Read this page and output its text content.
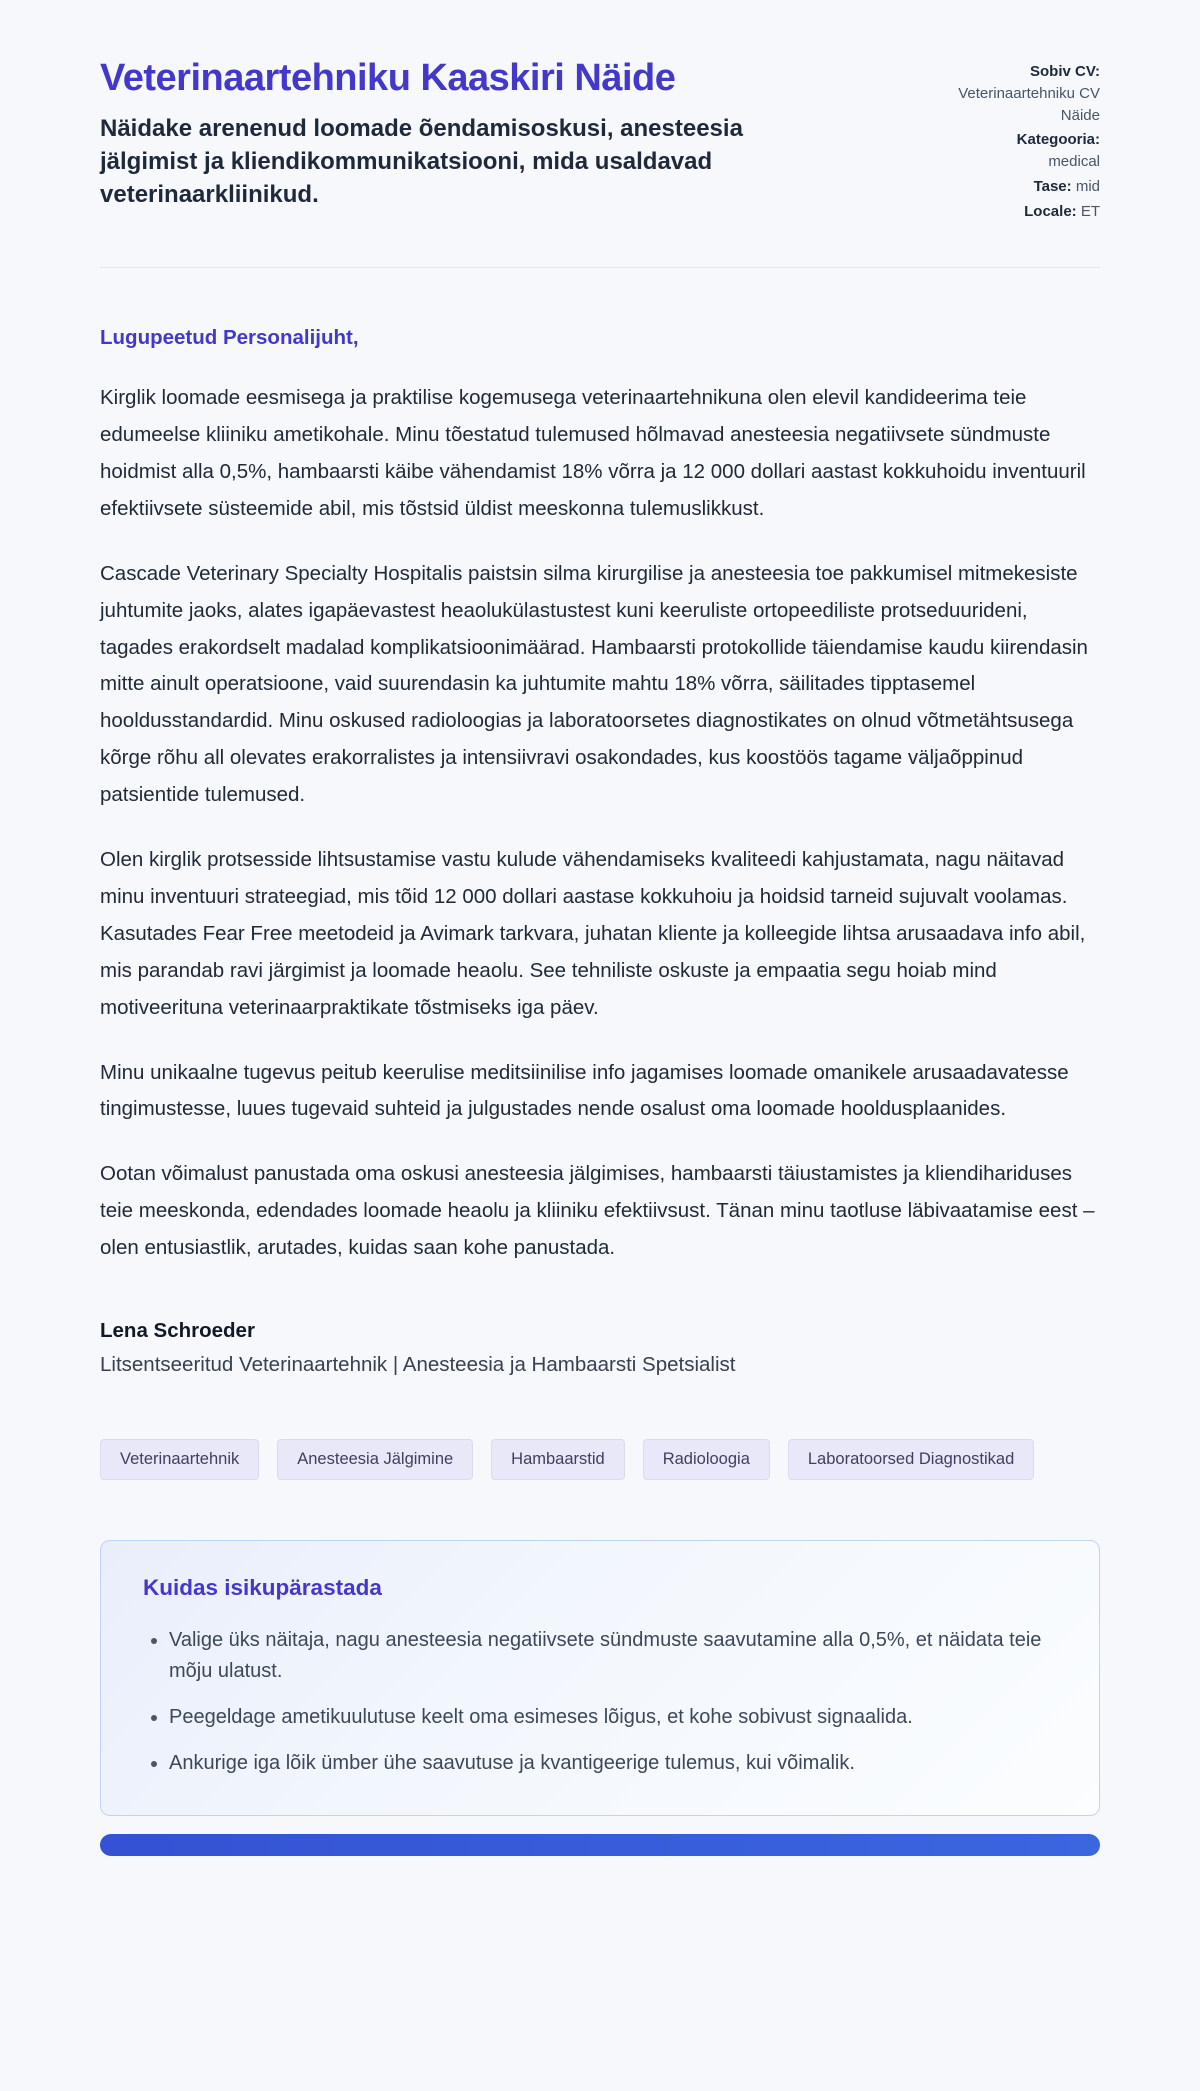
Veterinaartehniku Kaaskiri Näide

Näidake arenenud loomade õendamisoskusi, anesteesia jälgimist ja kliendikommunikatsiooni, mida usaldavad veterinaarkliinikud.

Sobiv CV:
Veterinaartehniku CV Näide
Kategooria:
medical
Tase: mid
Locale: ET

Lugupeetud Personalijuht,

Kirglik loomade eesmisega ja praktilise kogemusega veterinaartehnikuna olen elevil kandideerima teie edumeelse kliiniku ametikohale. Minu tõestatud tulemused hõlmavad anesteesia negatiivsete sündmuste hoidmist alla 0,5%, hambaarsti käibe vähendamist 18% võrra ja 12 000 dollari aastast kokkuhoidu inventuuril efektiivsete süsteemide abil, mis tõstsid üldist meeskonna tulemuslikkust.

Cascade Veterinary Specialty Hospitalis paistsin silma kirurgilise ja anesteesia toe pakkumisel mitmekesiste juhtumite jaoks, alates igapäevastest heaolukülastustest kuni keeruliste ortopeediliste protseduurideni, tagades erakordselt madalad komplikatsioonimäärad. Hambaarsti protokollide täiendamise kaudu kiirendasin mitte ainult operatsioone, vaid suurendasin ka juhtumite mahtu 18% võrra, säilitades tipptasemel hooldusstandardid. Minu oskused radioloogias ja laboratoorsetes diagnostikates on olnud võtmetähtsusega kõrge rõhu all olevates erakorralistes ja intensiivravi osakondades, kus koostöös tagame väljaõppinud patsientide tulemused.

Olen kirglik protsesside lihtsustamise vastu kulude vähendamiseks kvaliteedi kahjustamata, nagu näitavad minu inventuuri strateegiad, mis tõid 12 000 dollari aastase kokkuhoiu ja hoidsid tarneid sujuvalt voolamas. Kasutades Fear Free meetodeid ja Avimark tarkvara, juhatan kliente ja kolleegide lihtsa arusaadava info abil, mis parandab ravi järgimist ja loomade heaolu. See tehniliste oskuste ja empaatia segu hoiab mind motiveerituna veterinaarpraktikate tõstmiseks iga päev.

Minu unikaalne tugevus peitub keerulise meditsiinilise info jagamises loomade omanikele arusaadavatesse tingimustesse, luues tugevaid suhteid ja julgustades nende osalust oma loomade hooldusplaanides.

Ootan võimalust panustada oma oskusi anesteesia jälgimises, hambaarsti täiustamistes ja kliendihariduses teie meeskonda, edendades loomade heaolu ja kliiniku efektiivsust. Tänan minu taotluse läbivaatamise eest – olen entusiastlik, arutades, kuidas saan kohe panustada.

Lena Schroeder

Litsentseeritud Veterinaartehnik | Anesteesia ja Hambaarsti Spetsialist

Veterinaartehnik	Anesteesia Jälgimine	Hambaarstid	Radioloogia	Laboratoorsed Diagnostikad
Kuidas isikupärastada
• Valige üks näitaja, nagu anesteesia negatiivsete sündmuste saavutamine alla 0,5%, et näidata teie mõju ulatust.
• Peegeldage ametikuulutuse keelt oma esimeses lõigus, et kohe sobivust signaalida.
• Ankurige iga lõik ümber ühe saavutuse ja kvantigeerige tulemus, kui võimalik.
